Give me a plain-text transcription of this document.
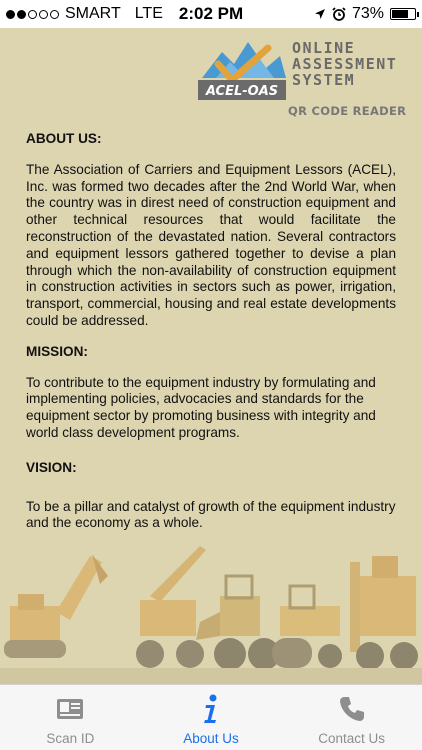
SMART LTE 2:02 PM	73%
ACEL-OAS
ONLINE
ASSESSMENT
SYSTEM
QR CODE READER
ABOUT US:

The Association of Carriers and Equipment Lessors (ACEL), Inc. was formed two decades after the 2nd World War, when the country was in direst need of construction equipment and other technical resources that would facilitate the reconstruction of the devastated nation. Several contractors and equipment lessors gathered together to devise a plan through which the non-availability of construction equipment in construction activities in sectors such as power, irrigation, transport, commercial, housing and real estate developments could be addressed.

MISSION:

To contribute to the equipment industry by formulating and implementing policies, advocacies and standards for the equipment sector by promoting business with integrity and world class development programs.

VISION:

To be a pillar and catalyst of growth of the equipment industry and the economy as a whole.

Scan ID	About Us	Contact Us
